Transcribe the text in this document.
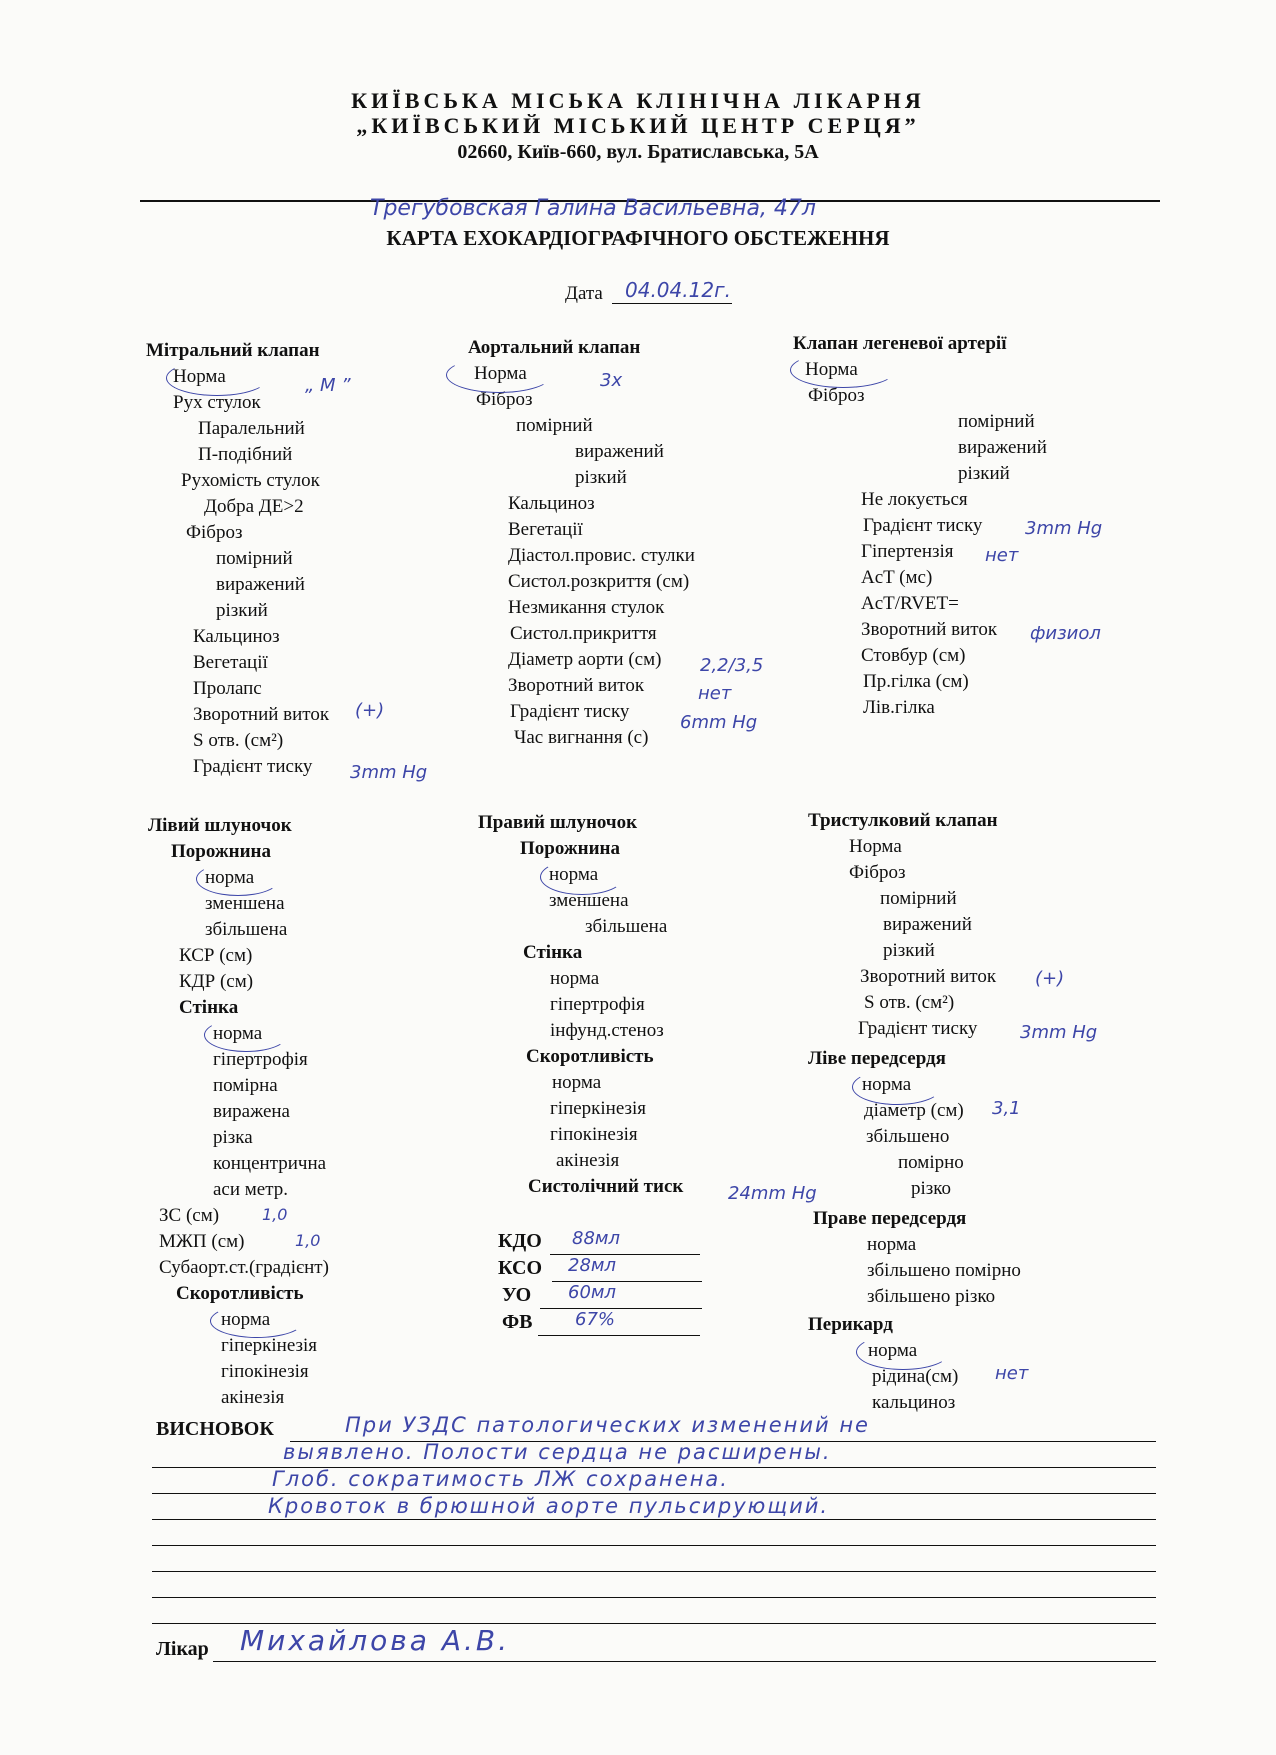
КИЇВСЬКА МІСЬКА КЛІНІЧНА ЛІКАРНЯ
„КИЇВСЬКИЙ МІСЬКИЙ ЦЕНТР СЕРЦЯ”
02660, Київ-660, вул. Братиславська, 5А
Трегубовская Галина Васильевна, 47л
КАРТА ЕХОКАРДІОГРАФІЧНОГО ОБСТЕЖЕННЯ
Дата 04.04.12г.
Мітральний клапан
Норма
Рух стулок
Паралельний
П-подібний
Рухомість стулок
Добра ДЕ>2
Фіброз
помірний
виражений
різкий
Кальциноз
Вегетації
Пролапс
Зворотний виток
S отв. (см²)
Градієнт тиску
„ М ”
(+)
3mm Hg
Аортальний клапан
Норма
Фіброз
помірний
виражений
різкий
Кальциноз
Вегетації
Діастол.провис. стулки
Систол.розкриття (см)
Незмикання стулок
Систол.прикриття
Діаметр аорти (см)
Зворотний виток
Градієнт тиску
Час вигнання (с)
3х
2,2/3,5
нет
6mm Hg
Клапан легеневої артерії
Норма
Фіброз
помірний
виражений
різкий
Не локується
Градієнт тиску
Гіпертензія
AcT (мс)
AcT/RVET=
Зворотний виток
Стовбур (см)
Пр.гілка (см)
Лів.гілка
3mm Hg
нет
физиол
Лівий шлуночок
Порожнина
норма
зменшена
збільшена
КСР (см)
КДР (см)
Стінка
норма
гіпертрофія
помірна
виражена
різка
концентрична
аси метр.
ЗС (см)
МЖП (см)
Субаорт.ст.(градієнт)
Скоротливість
норма
гіперкінезія
гіпокінезія
акінезія
1,0
1,0
Правий шлуночок
Порожнина
норма
зменшена
збільшена
Стінка
норма
гіпертрофія
інфунд.стеноз
Скоротливість
норма
гіперкінезія
гіпокінезія
акінезія
Систолічний тиск 24mm Hg
КДО 88мл
КСО 28мл
УО 60мл
ФВ 67%
Тристулковий клапан
Норма
Фіброз
помірний
виражений
різкий
Зворотний виток
S отв. (см²)
Градієнт тиску
(+)
3mm Hg
Ліве передсердя
норма
діаметр (см)
збільшено
помірно
різко
3,1
Праве передсердя
норма
збільшено помірно
збільшено різко
Перикард
норма
рідина(см)
кальциноз
нет
ВИСНОВОК	При УЗДС патологических изменений не
выявлено. Полости сердца не расширены.
Глоб. сократимость ЛЖ сохранена.
Кровоток в брюшной аорте пульсирующий.
Лікар Михайлова А.В.
